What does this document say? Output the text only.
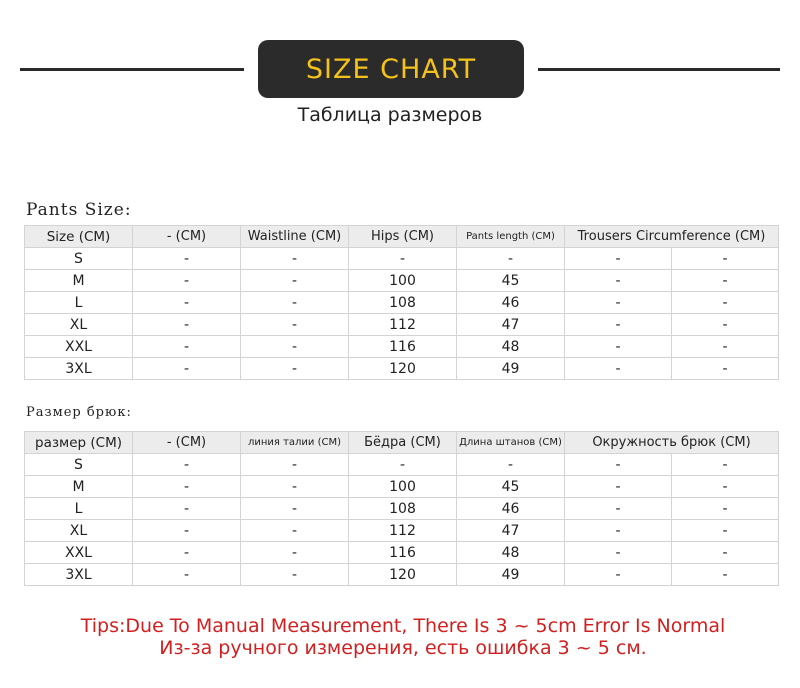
SIZE CHART
Таблица размеров
Pants Size:
Size (CM)	- (CM)	Waistline (CM)	Hips (CM)	Pants length (CM)	Trousers Circumference (CM)	
S	-	-	-	-	-	-
M	-	-	100	45	-	-
L	-	-	108	46	-	-
XL	-	-	112	47	-	-
XXL	-	-	116	48	-	-
3XL	-	-	120	49	-	-
Размер брюк:
размер (CM)	- (CM)	линия талии (CM)	Бёдра (CM)	Длина штанов (CM)	Окружность брюк (CM)	
S	-	-	-	-	-	-
M	-	-	100	45	-	-
L	-	-	108	46	-	-
XL	-	-	112	47	-	-
XXL	-	-	116	48	-	-
3XL	-	-	120	49	-	-
Tips:Due To Manual Measurement, There Is 3 ~ 5cm Error Is Normal
Из-за ручного измерения, есть ошибка 3 ~ 5 см.
